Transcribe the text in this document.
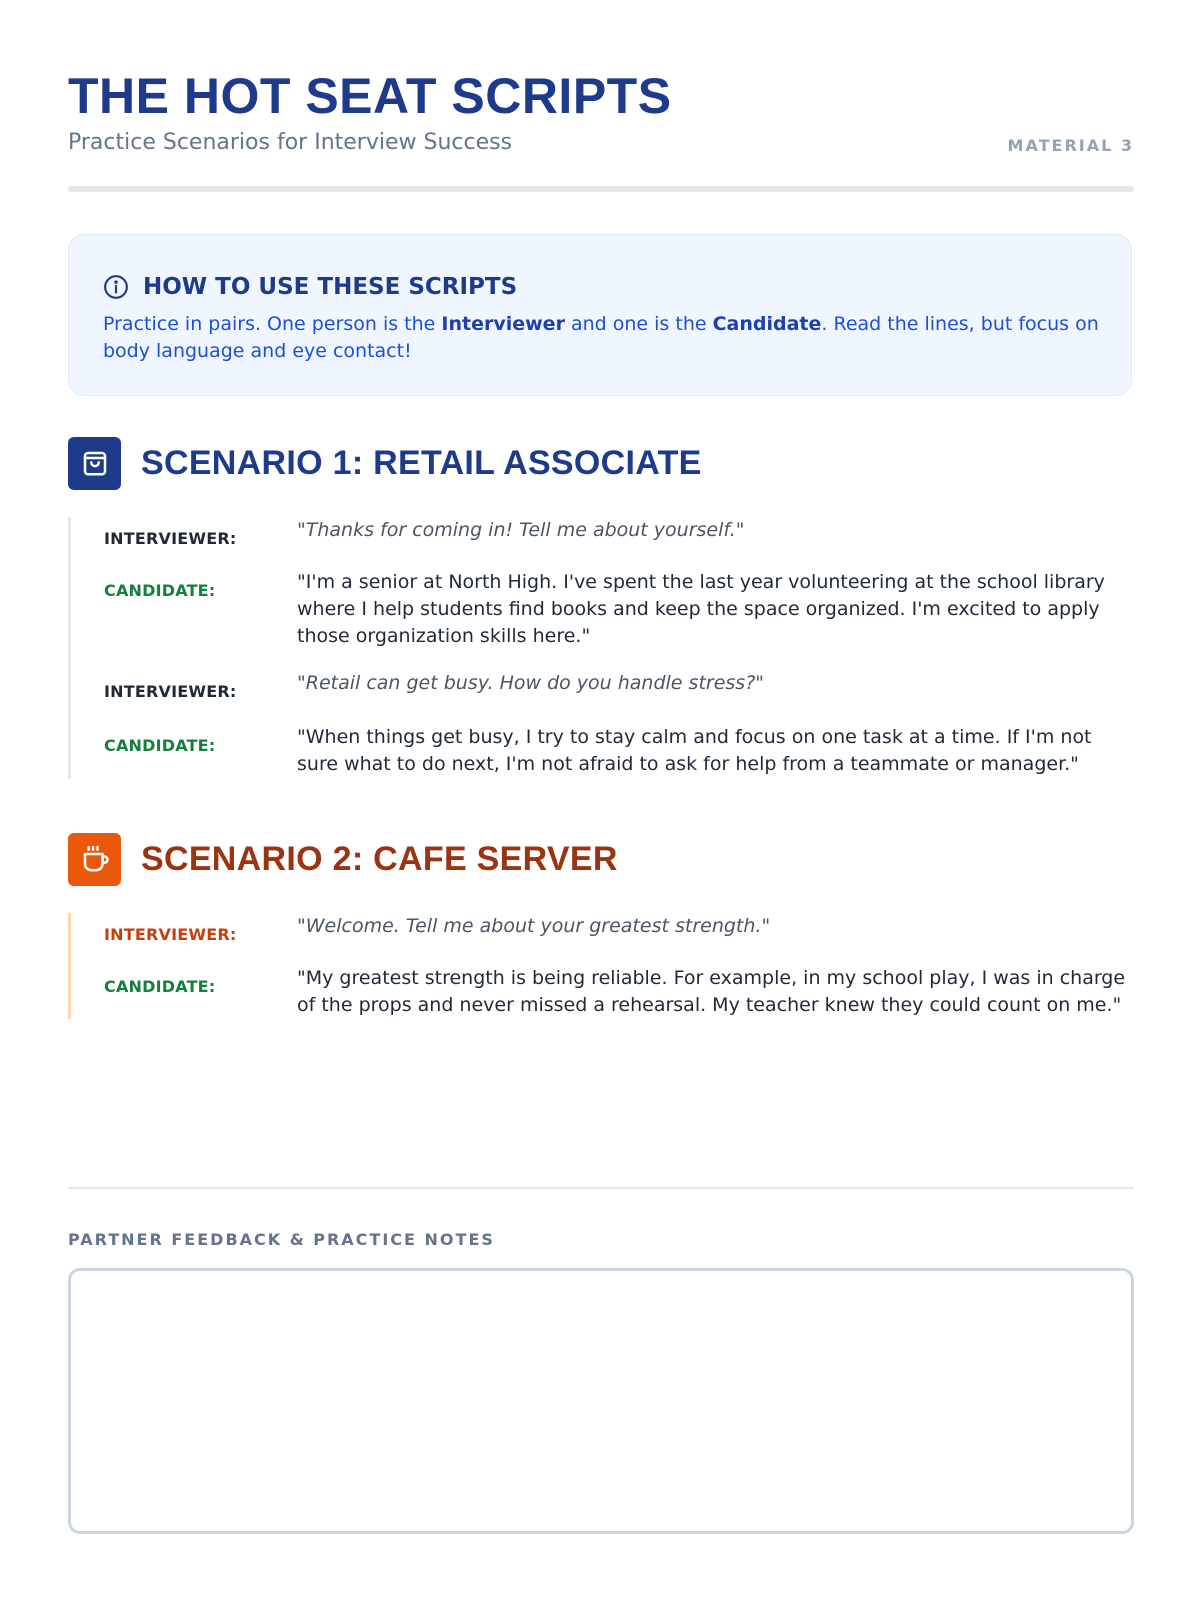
THE HOT SEAT SCRIPTS
Practice Scenarios for Interview Success	MATERIAL 3
HOW TO USE THESE SCRIPTS
Practice in pairs. One person is the Interviewer and one is the Candidate. Read the lines, but focus on body language and eye contact!
SCENARIO 1: RETAIL ASSOCIATE
INTERVIEWER:	"Thanks for coming in! Tell me about yourself."
CANDIDATE:	"I'm a senior at North High. I've spent the last year volunteering at the school library where I help students find books and keep the space organized. I'm excited to apply those organization skills here."
INTERVIEWER:	"Retail can get busy. How do you handle stress?"
CANDIDATE:	"When things get busy, I try to stay calm and focus on one task at a time. If I'm not sure what to do next, I'm not afraid to ask for help from a teammate or manager."
SCENARIO 2: CAFE SERVER
INTERVIEWER:	"Welcome. Tell me about your greatest strength."
CANDIDATE:	"My greatest strength is being reliable. For example, in my school play, I was in charge of the props and never missed a rehearsal. My teacher knew they could count on me."
PARTNER FEEDBACK & PRACTICE NOTES
